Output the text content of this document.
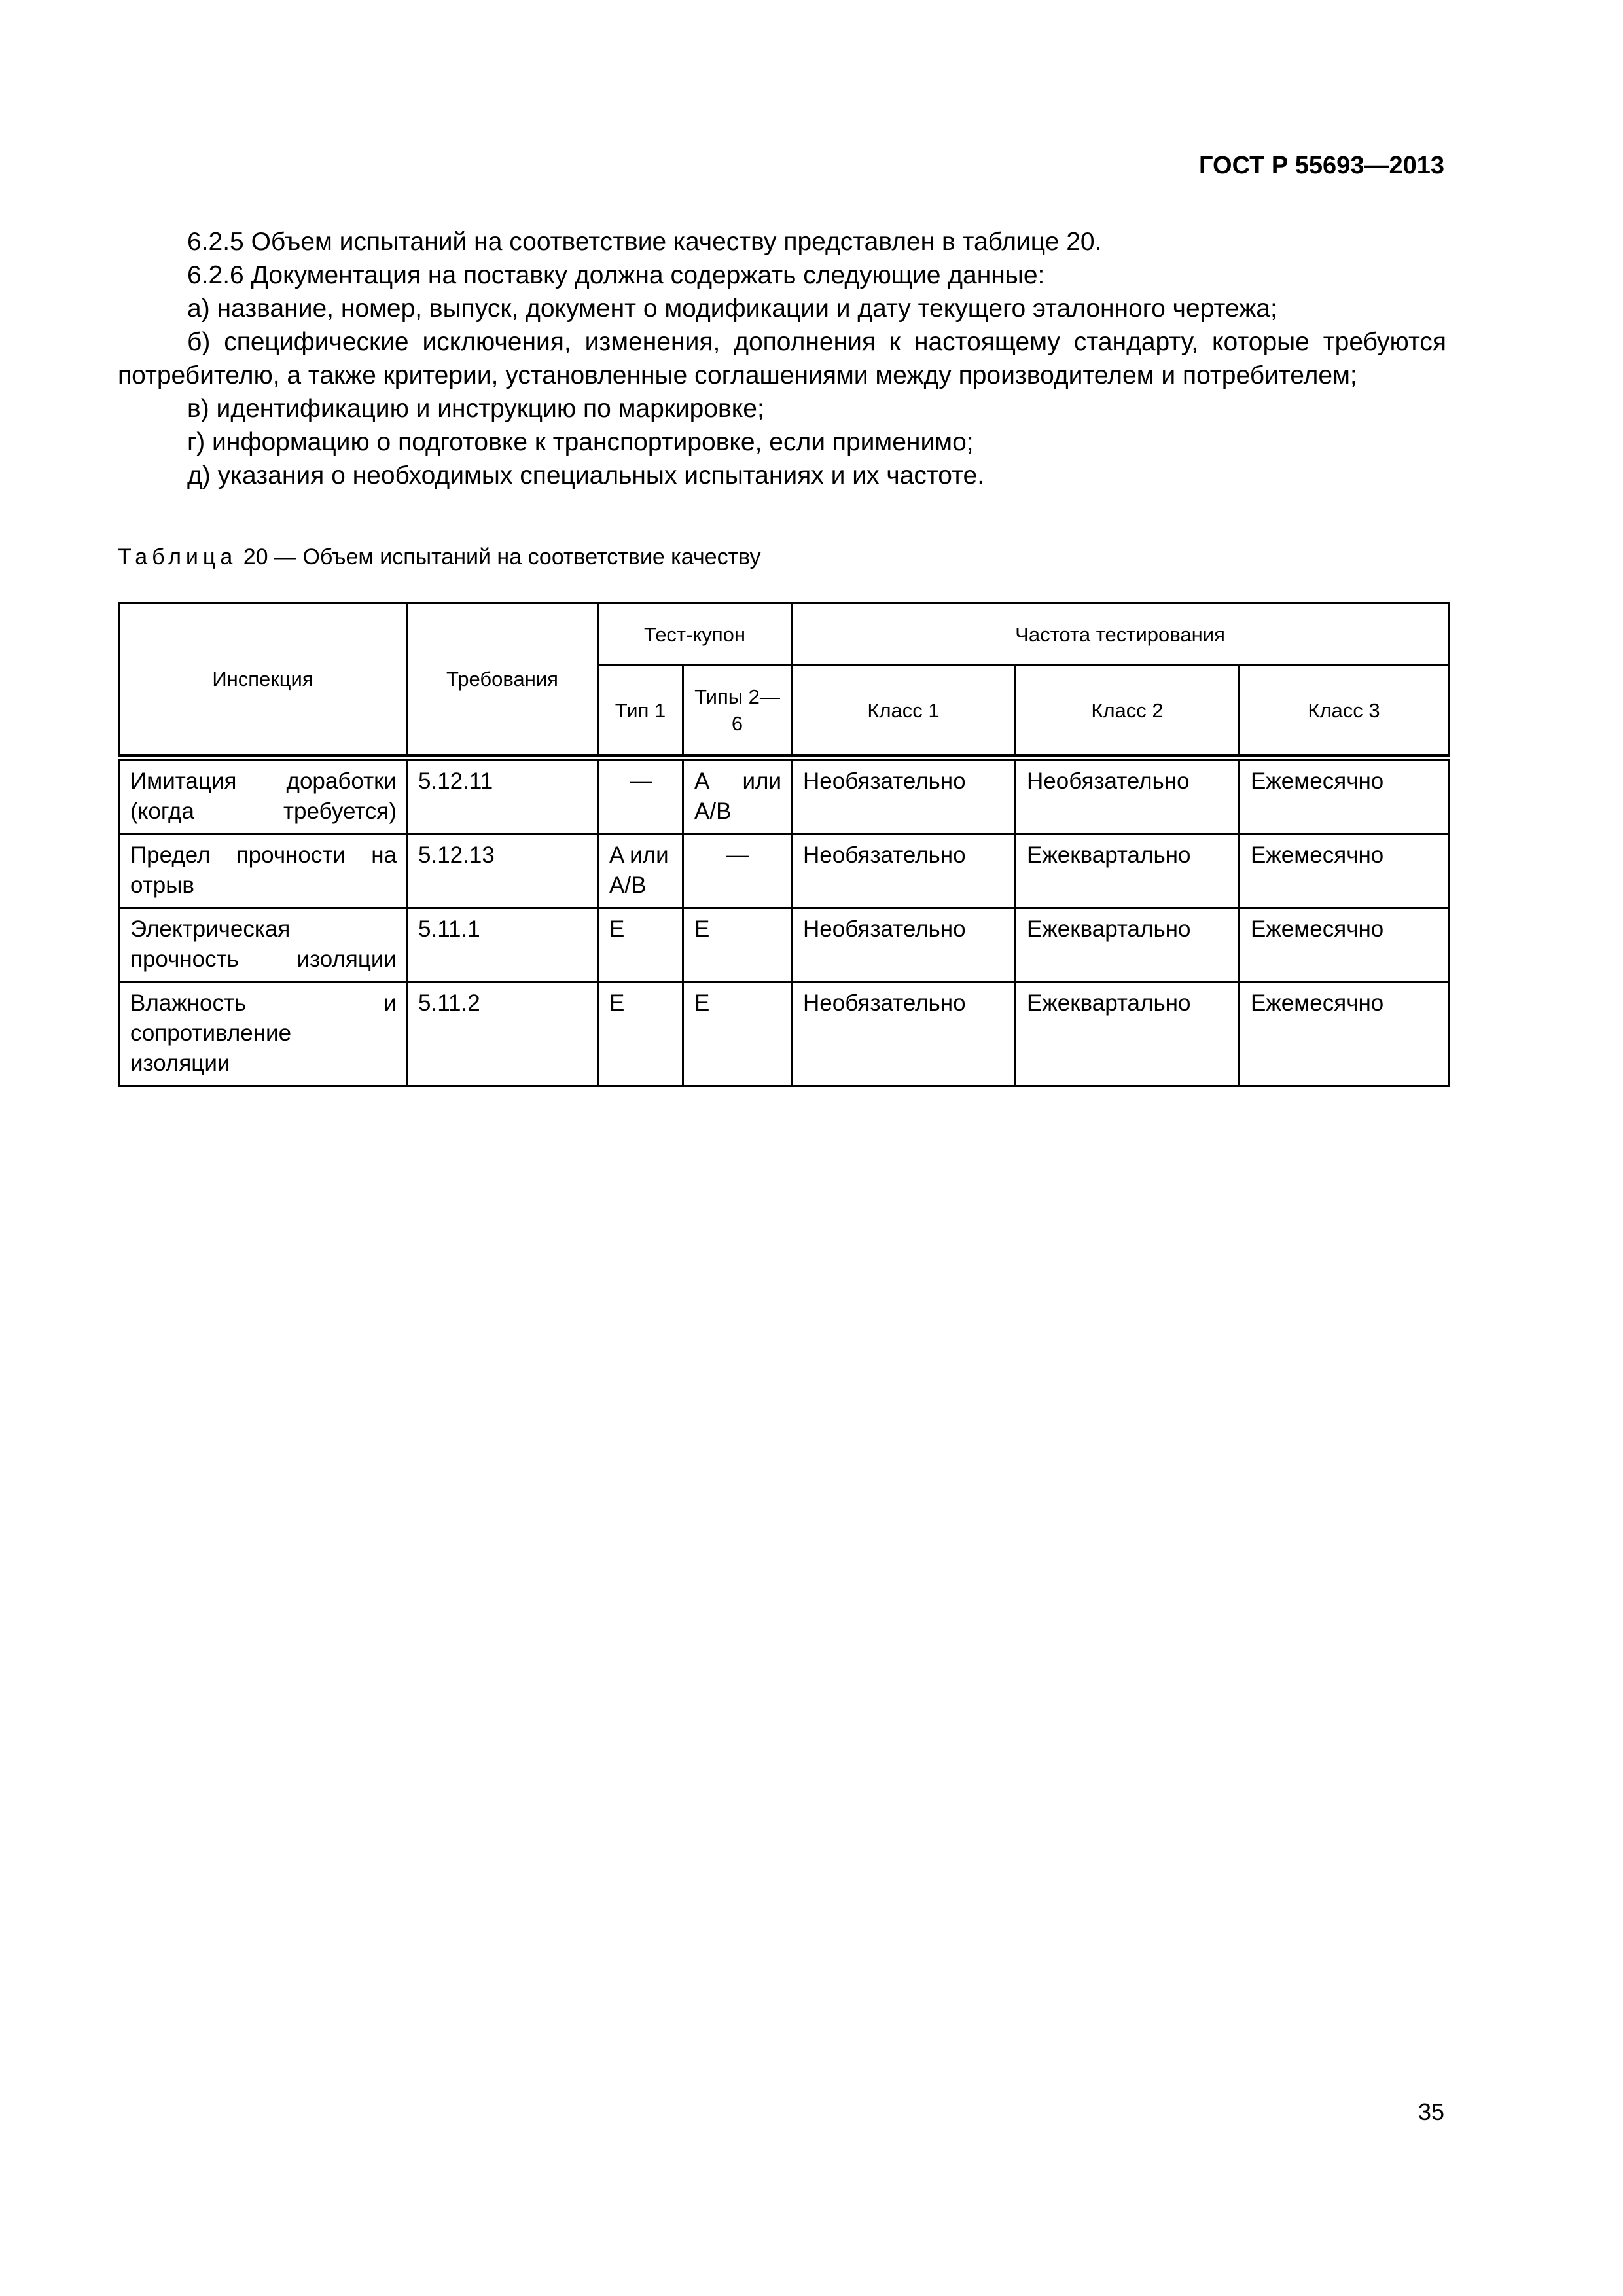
ГОСТ Р 55693—2013

6.2.5 Объем испытаний на соответствие качеству представлен в таблице 20.

6.2.6 Документация на поставку должна содержать следующие данные:

а) название, номер, выпуск, документ о модификации и дату текущего эталонного чертежа;

б) специфические исключения, изменения, дополнения к настоящему стандарту, которые требуются потребителю, а также критерии, установленные соглашениями между производителем и потребителем;

в) идентификацию и инструкцию по маркировке;

г) информацию о подготовке к транспортировке, если применимо;

д) указания о необходимых специальных испытаниях и их частоте.

Таблица 20 — Объем испытаний на соответствие качеству
Инспекция	Требования	Тест-купон		Частота тестирования		
		Тип 1	Типы 2—6	Класс 1	Класс 2	Класс 3
Имитация доработки (когда требуется)	5.12.11	—	A или A/B	Необязательно	Необязательно	Ежемесячно
Предел прочности на отрыв	5.12.13	A или A/B	—	Необязательно	Ежеквартально	Ежемесячно
Электрическая прочность изоляции	5.11.1	E	E	Необязательно	Ежеквартально	Ежемесячно
Влажность и сопротивление изоляции	5.11.2	E	E	Необязательно	Ежеквартально	Ежемесячно
35
